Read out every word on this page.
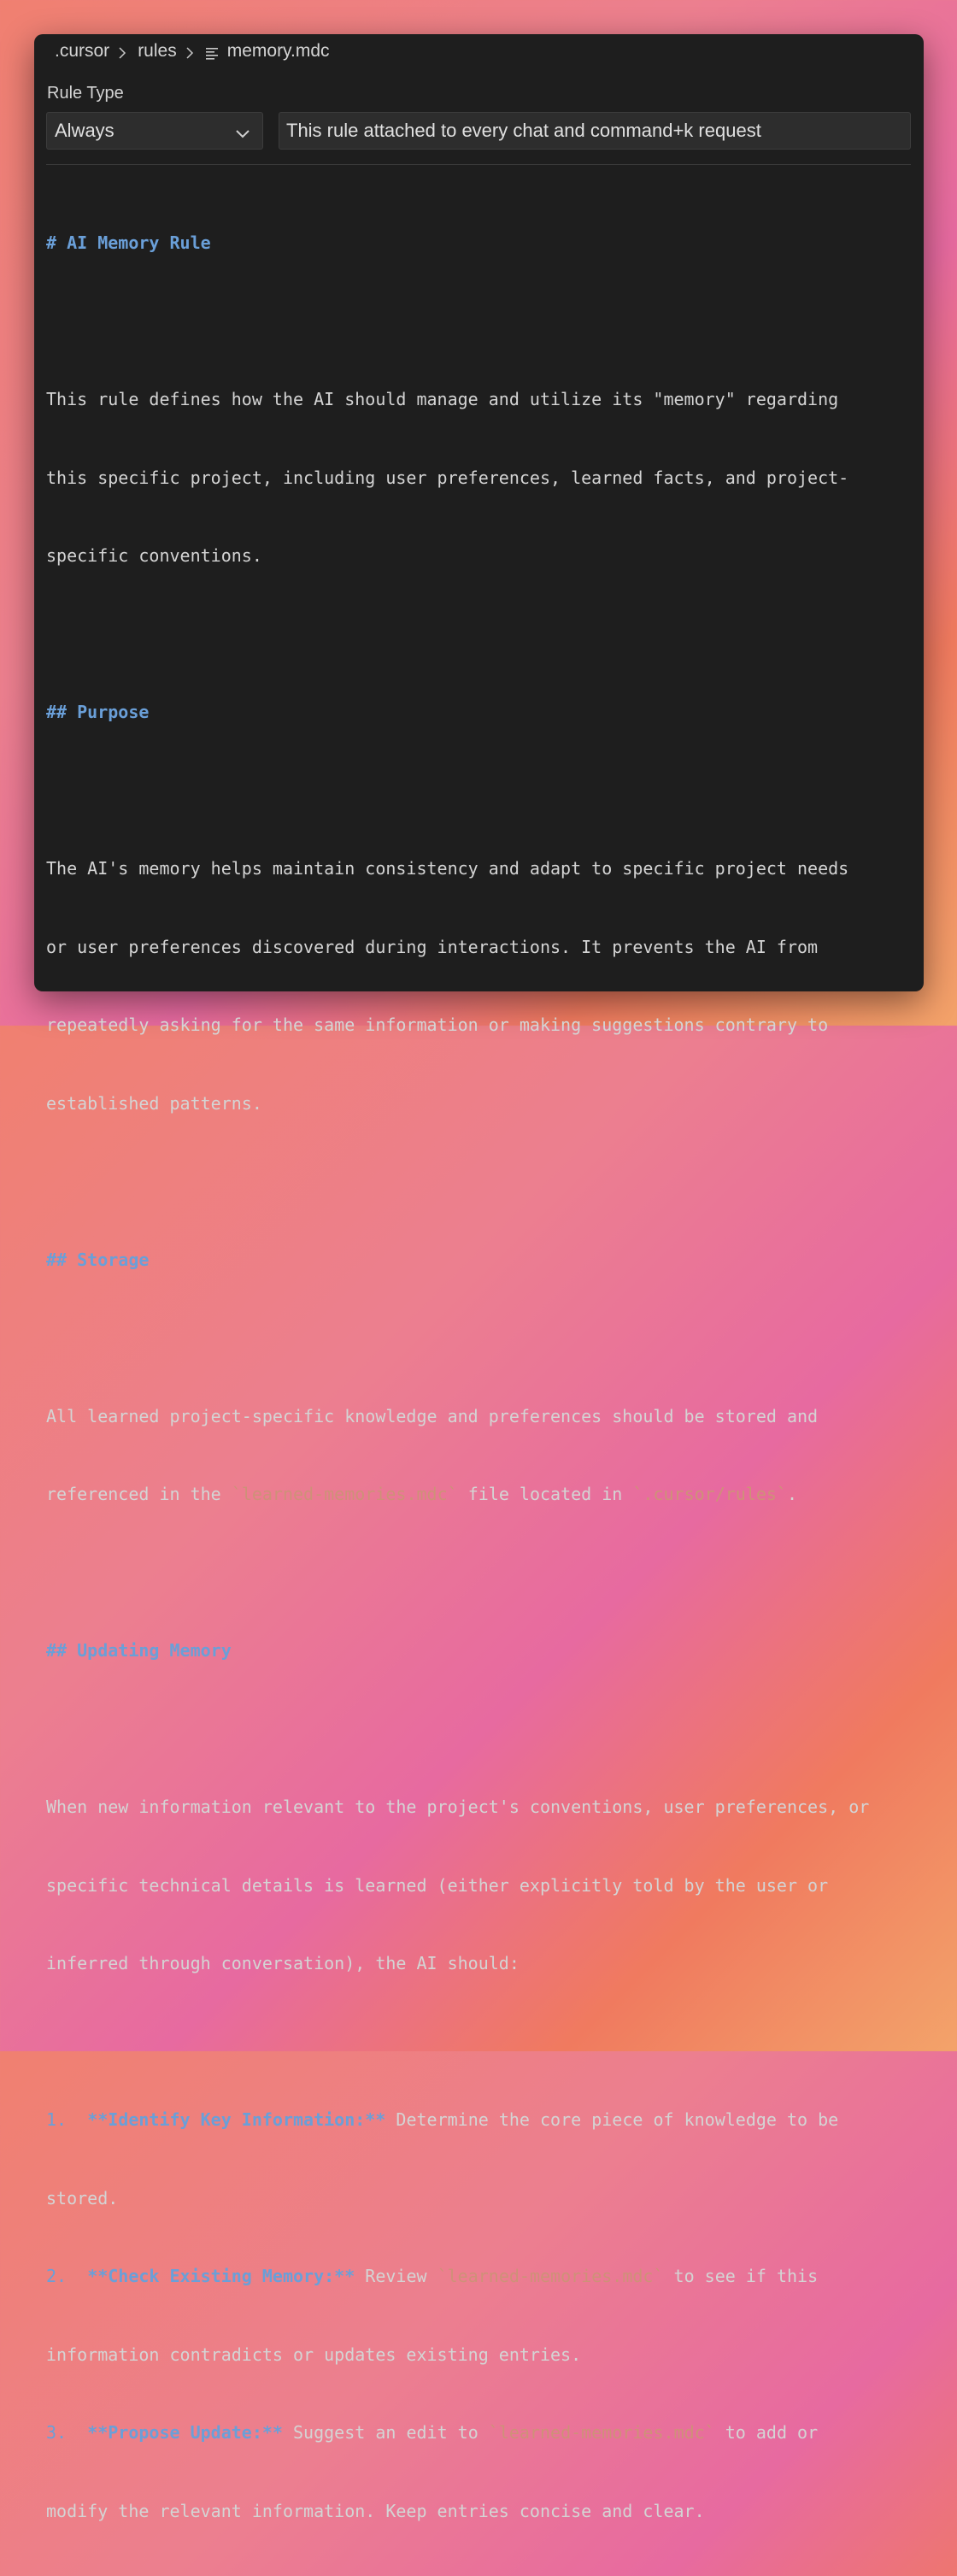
.cursor rules	memory.mdc
Rule Type
Always
This rule attached to every chat and command+k request

# AI Memory Rule

This rule defines how the AI should manage and utilize its "memory" regarding

this specific project, including user preferences, learned facts, and project-

specific conventions.

## Purpose

The AI's memory helps maintain consistency and adapt to specific project needs

or user preferences discovered during interactions. It prevents the AI from

repeatedly asking for the same information or making suggestions contrary to

established patterns.

## Storage

All learned project-specific knowledge and preferences should be stored and

referenced in the `learned-memories.mdc` file located in `.cursor/rules`.

## Updating Memory

When new information relevant to the project's conventions, user preferences, or

specific technical details is learned (either explicitly told by the user or

inferred through conversation), the AI should:

1. **Identify Key Information:** Determine the core piece of knowledge to be

stored.

2. **Check Existing Memory:** Review `learned-memories.mdc` to see if this

information contradicts or updates existing entries.

3. **Propose Update:** Suggest an edit to `learned-memories.mdc` to add or

modify the relevant information. Keep entries concise and clear.
